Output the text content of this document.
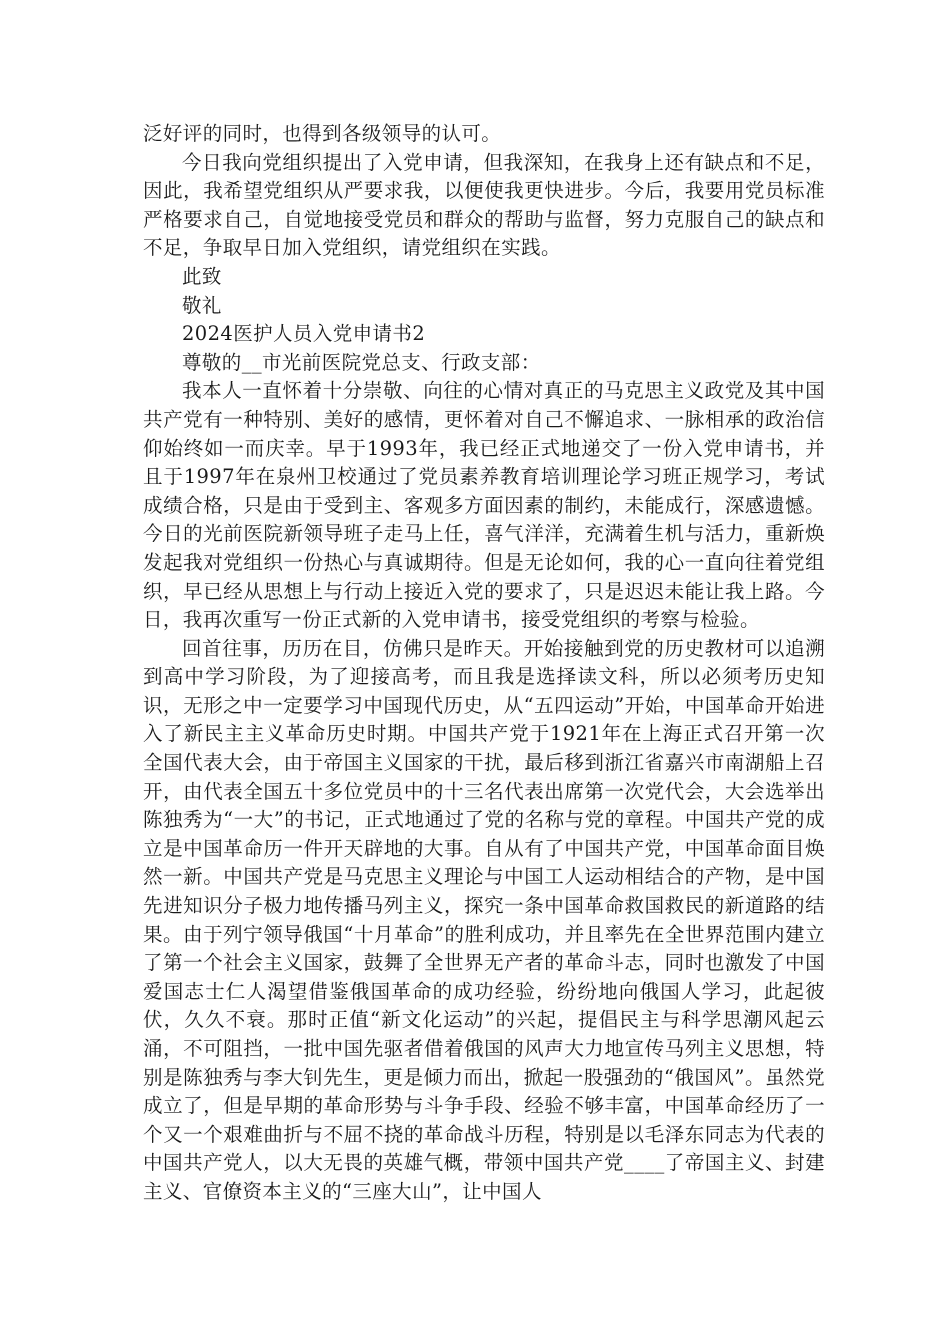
泛好评的同时，也得到各级领导的认可。

今日我向党组织提出了入党申请，但我深知，在我身上还有缺点和不足，因此，我希望党组织从严要求我，以便使我更快进步。今后，我要用党员标准严格要求自己，自觉地接受党员和群众的帮助与监督，努力克服自己的缺点和不足，争取早日加入党组织，请党组织在实践。

此致

敬礼

2024医护人员入党申请书2

尊敬的__市光前医院党总支、行政支部：

我本人一直怀着十分崇敬、向往的心情对真正的马克思主义政党及其中国共产党有一种特别、美好的感情，更怀着对自己不懈追求、一脉相承的政治信仰始终如一而庆幸。早于1993年，我已经正式地递交了一份入党申请书，并且于1997年在泉州卫校通过了党员素养教育培训理论学习班正规学习，考试成绩合格，只是由于受到主、客观多方面因素的制约，未能成行，深感遗憾。今日的光前医院新领导班子走马上任，喜气洋洋，充满着生机与活力，重新焕发起我对党组织一份热心与真诚期待。但是无论如何，我的心一直向往着党组织，早已经从思想上与行动上接近入党的要求了，只是迟迟未能让我上路。今日，我再次重写一份正式新的入党申请书，接受党组织的考察与检验。

回首往事，历历在目，仿佛只是昨天。开始接触到党的历史教材可以追溯到高中学习阶段，为了迎接高考，而且我是选择读文科，所以必须考历史知识，无形之中一定要学习中国现代历史，从“五四运动”开始，中国革命开始进入了新民主主义革命历史时期。中国共产党于1921年在上海正式召开第一次全国代表大会，由于帝国主义国家的干扰，最后移到浙江省嘉兴市南湖船上召开，由代表全国五十多位党员中的十三名代表出席第一次党代会，大会选举出陈独秀为“一大”的书记，正式地通过了党的名称与党的章程。中国共产党的成立是中国革命历一件开天辟地的大事。自从有了中国共产党，中国革命面目焕然一新。中国共产党是马克思主义理论与中国工人运动相结合的产物，是中国先进知识分子极力地传播马列主义，探究一条中国革命救国救民的新道路的结果。由于列宁领导俄国“十月革命”的胜利成功，并且率先在全世界范围内建立了第一个社会主义国家，鼓舞了全世界无产者的革命斗志，同时也激发了中国爱国志士仁人渴望借鉴俄国革命的成功经验，纷纷地向俄国人学习，此起彼伏，久久不衰。那时正值“新文化运动”的兴起，提倡民主与科学思潮风起云涌，不可阻挡，一批中国先驱者借着俄国的风声大力地宣传马列主义思想，特别是陈独秀与李大钊先生，更是倾力而出，掀起一股强劲的“俄国风”。虽然党成立了，但是早期的革命形势与斗争手段、经验不够丰富，中国革命经历了一个又一个艰难曲折与不屈不挠的革命战斗历程，特别是以毛泽东同志为代表的中国共产党人，以大无畏的英雄气概，带领中国共产党____了帝国主义、封建主义、官僚资本主义的“三座大山”，让中国人
